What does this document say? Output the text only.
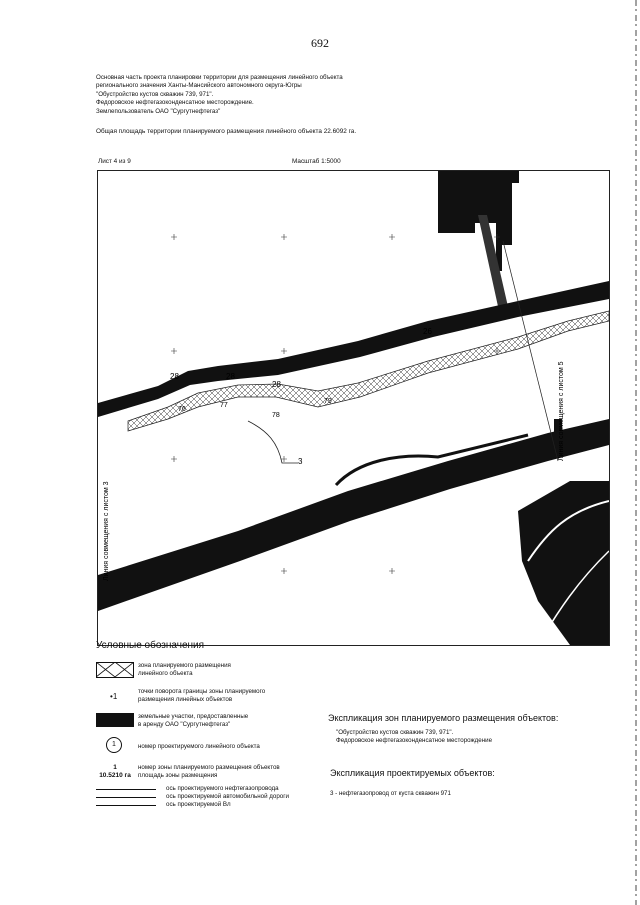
692
Основная часть проекта планировки территории для размещения линейного объекта
регионального значения Ханты-Мансийского автономного округа-Югры
"Обустройство кустов скважин 739, 971".
Федоровское нефтегазоконденсатное месторождение.
Землепользователь ОАО "Сургутнефтегаз"
Общая площадь территории планируемого размещения линейного объекта 22.6092 га.
Лист 4 из 9	Масштаб 1:5000
26
28	28
28
76
77
78
79
3
Линия совмещения с листом 3
Линия совмещения с листом 5
Условные обозначения
зона планируемого размещения
линейного объекта
•1
точки поворота границы зоны планируемого
размещения линейных объектов
земельные участки, предоставленные
в аренду ОАО "Сургутнефтегаз"
1	номер проектируемого линейного объекта
1
10.5210 га
номер зоны планируемого размещения объектов
площадь зоны размещения
ось проектируемого нефтегазопровода
ось проектируемой автомобильной дороги
ось проектируемой Вл
Экспликация зон планируемого размещения объектов:
"Обустройство кустов скважин 739, 971".
Федоровское нефтегазоконденсатное месторождение
Экспликация проектируемых объектов:
3 - нефтегазопровод от куста скважин 971
